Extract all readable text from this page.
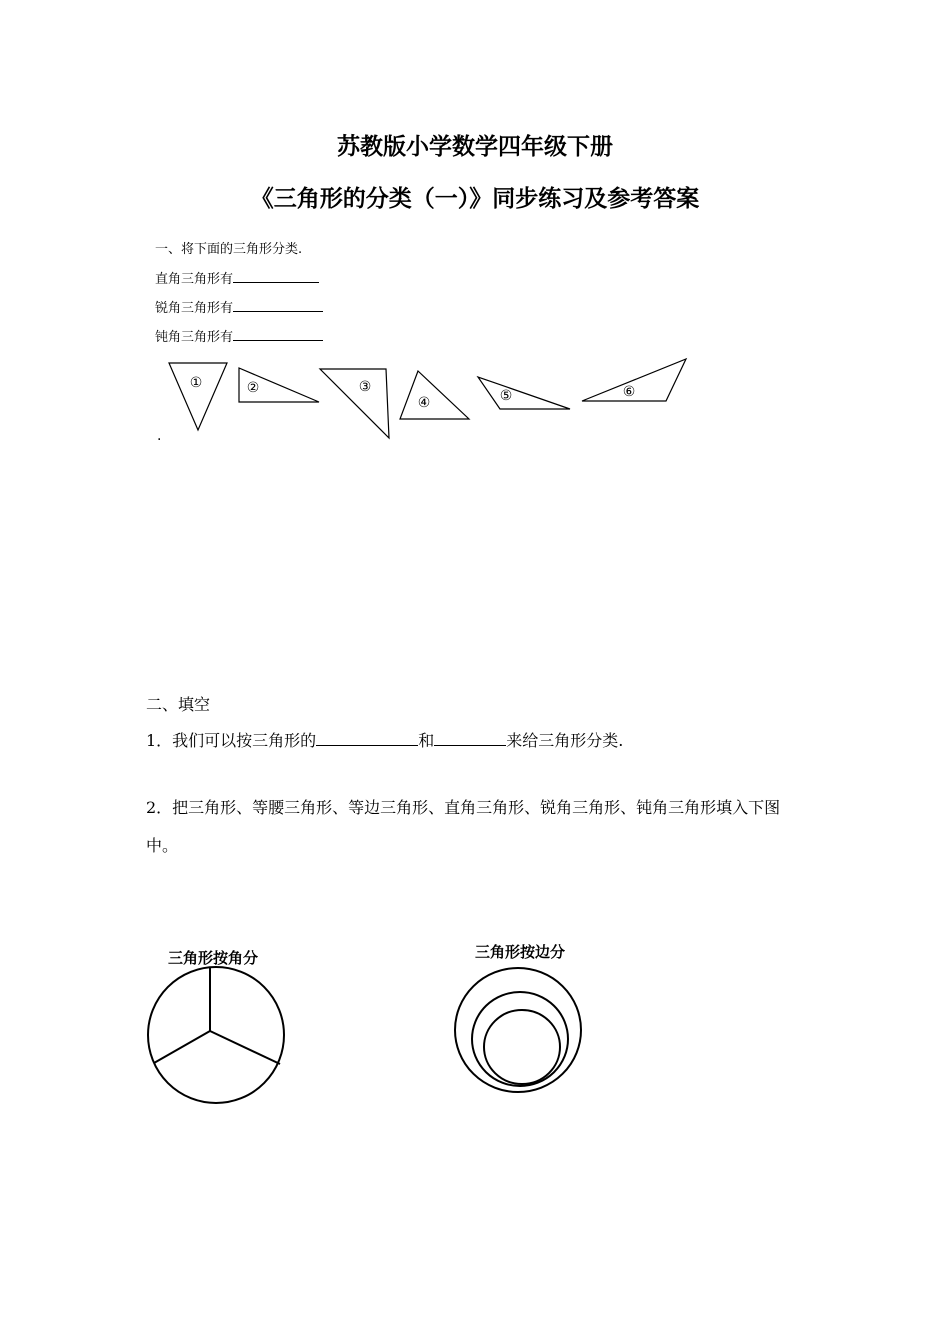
苏教版小学数学四年级下册
《三角形的分类（一）》同步练习及参考答案
一、将下面的三角形分类.
直角三角形有
锐角三角形有
钝角三角形有
①	②	③
④	⑤	⑥
.
二、填空
1．我们可以按三角形的	和	来给三角形分类.
2．把三角形、等腰三角形、等边三角形、直角三角形、锐角三角形、钝角三角形填入下图
中。
三角形按角分	三角形按边分
